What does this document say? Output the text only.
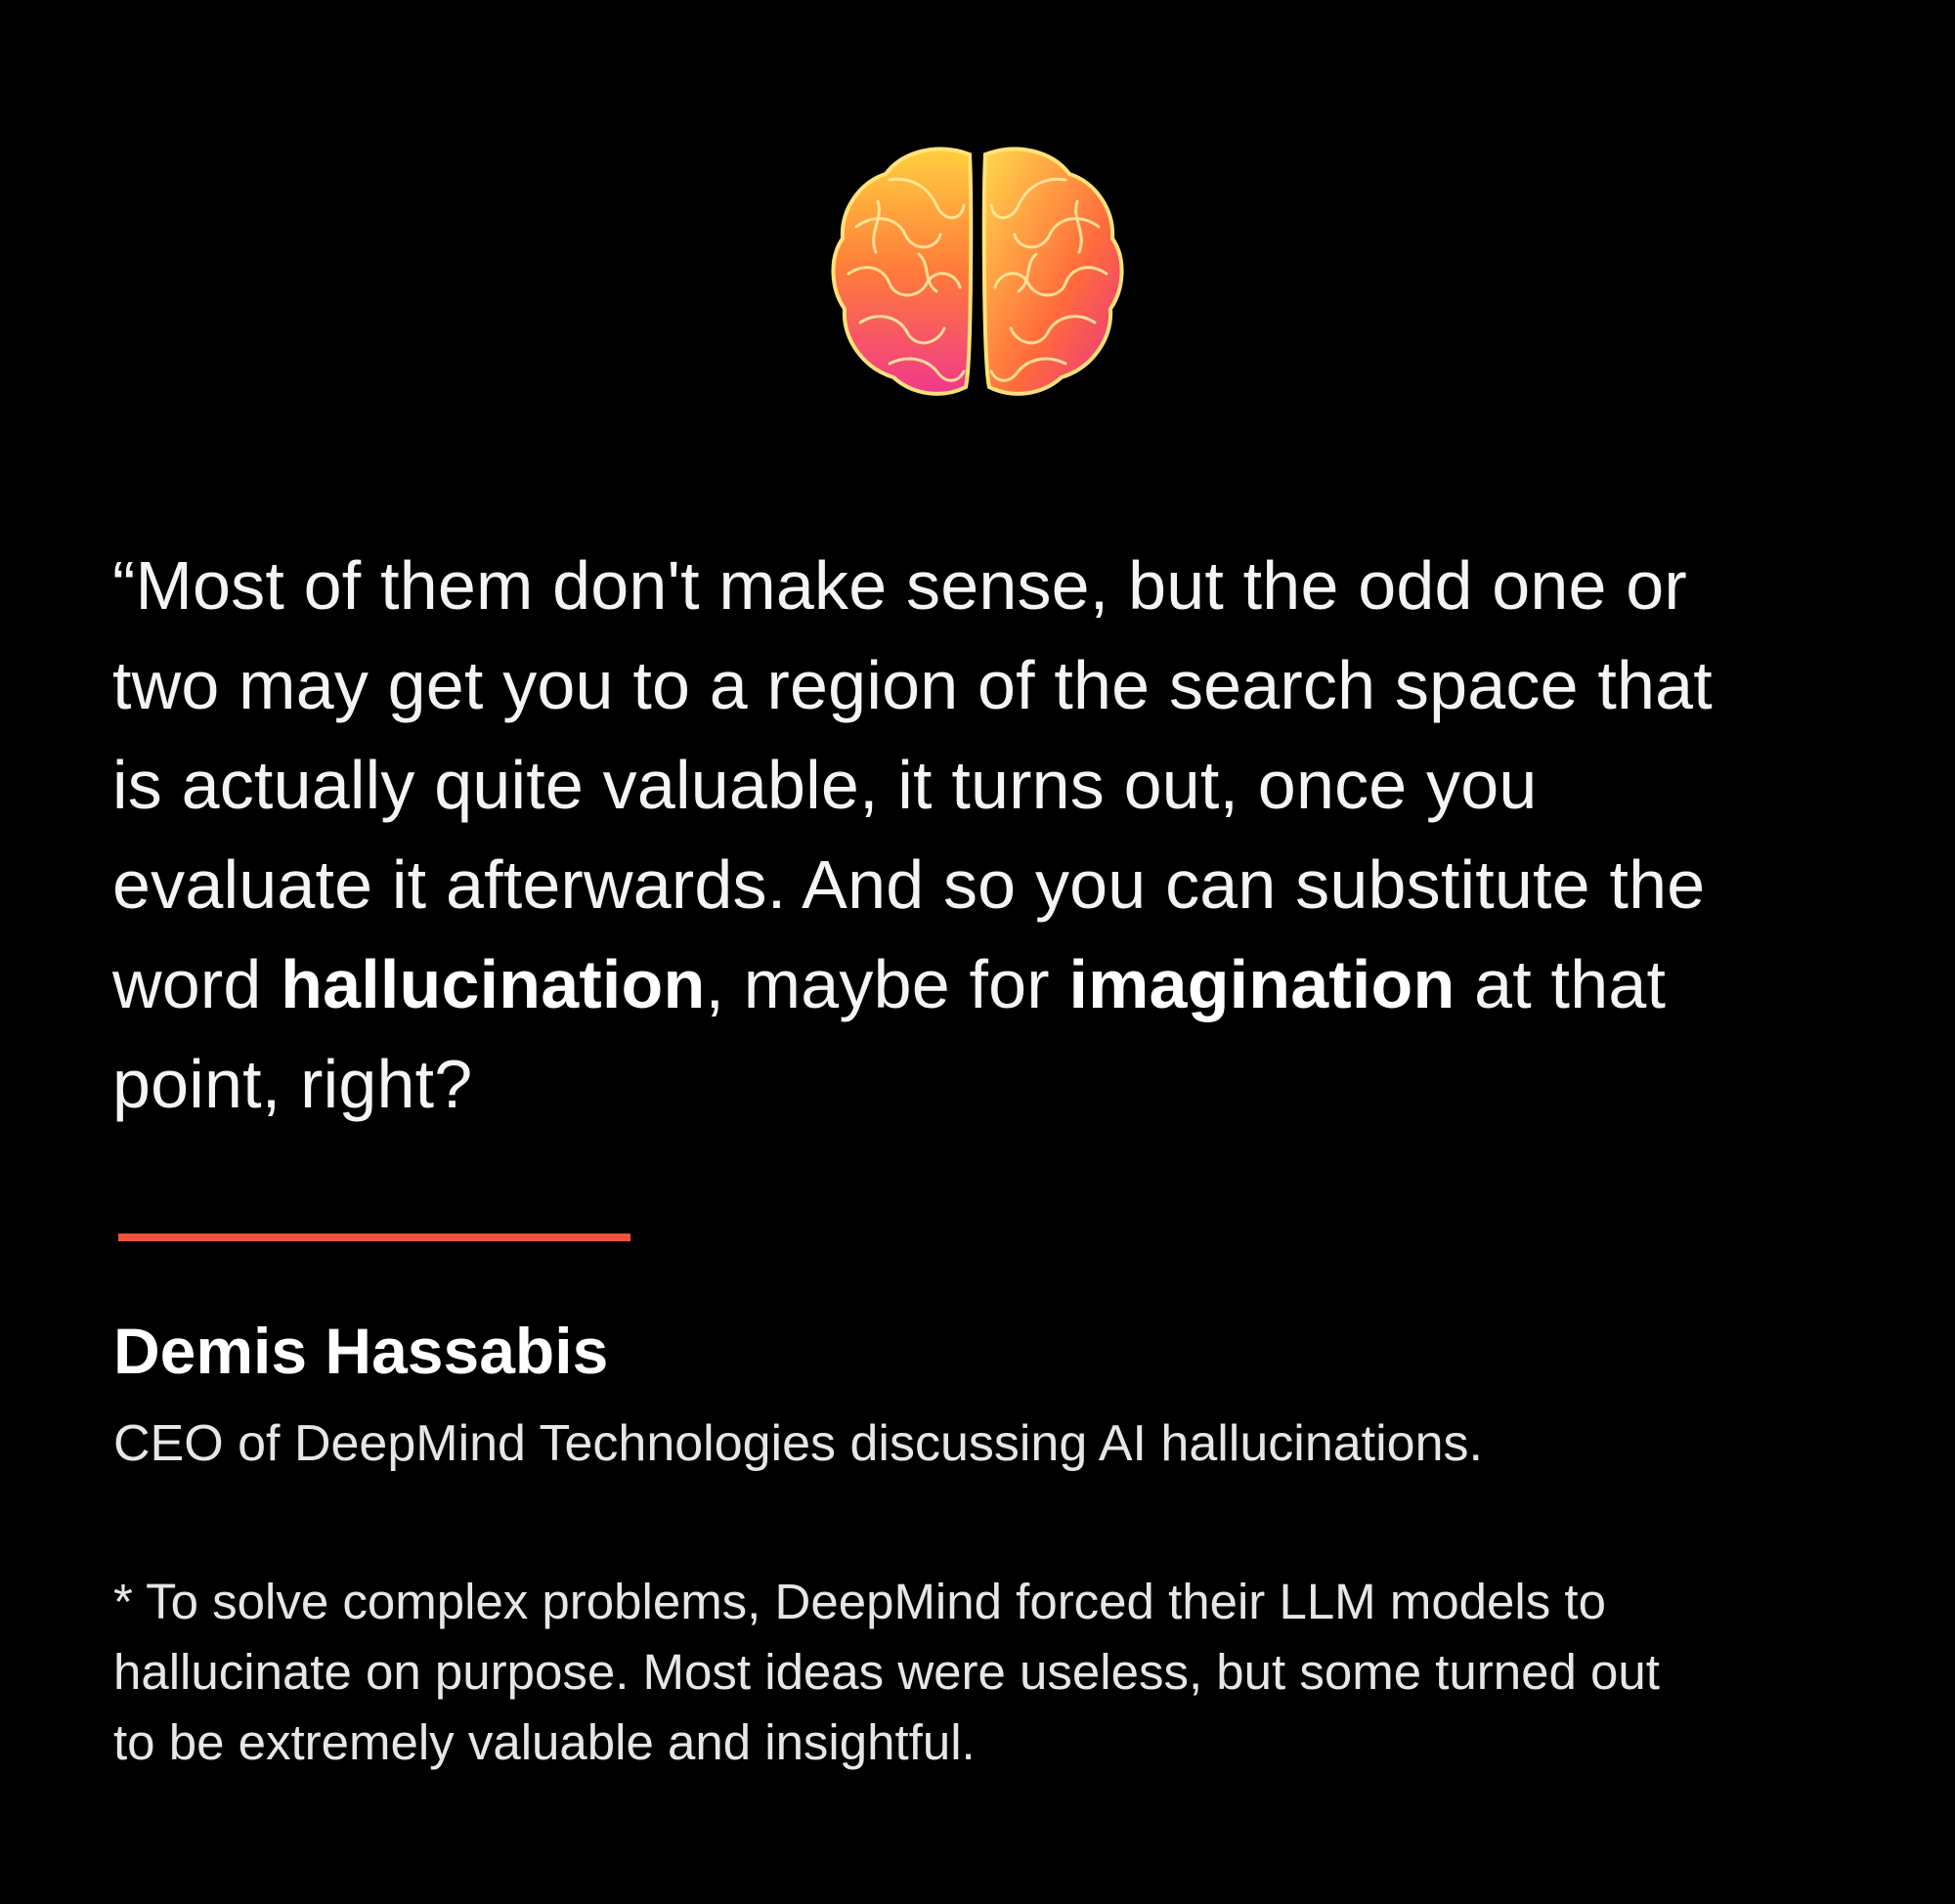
“Most of them don't make sense, but the odd one or
two may get you to a region of the search space that
is actually quite valuable, it turns out, once you
evaluate it afterwards. And so you can substitute the
word hallucination, maybe for imagination at that
point, right?

Demis Hassabis

CEO of DeepMind Technologies discussing AI hallucinations.

* To solve complex problems, DeepMind forced their LLM models to
hallucinate on purpose. Most ideas were useless, but some turned out
to be extremely valuable and insightful.
